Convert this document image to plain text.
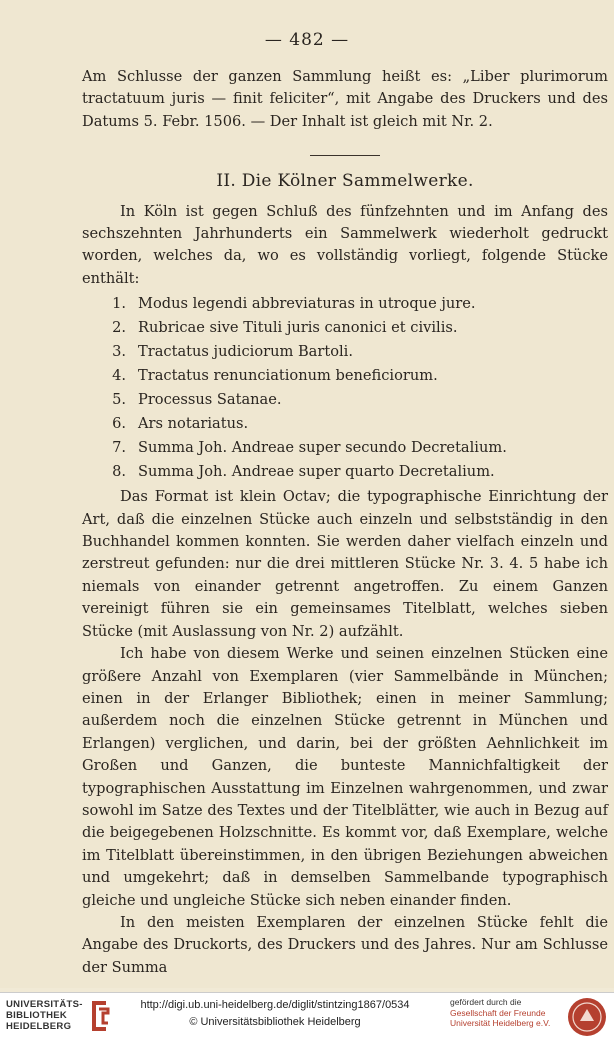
— 482 —

Am Schlusse der ganzen Sammlung heißt es: „Liber plurimorum tractatuum juris — finit feliciter“, mit Angabe des Druckers und des Datums 5. Febr. 1506. — Der Inhalt ist gleich mit Nr. 2.

II. Die Kölner Sammelwerke.

In Köln ist gegen Schluß des fünfzehnten und im Anfang des sechszehnten Jahrhunderts ein Sammelwerk wiederholt gedruckt worden, welches da, wo es vollständig vorliegt, folgende Stücke enthält:

1. Modus legendi abbreviaturas in utroque jure.
2. Rubricae sive Tituli juris canonici et civilis.
3. Tractatus judiciorum Bartoli.
4. Tractatus renunciationum beneficiorum.
5. Processus Satanae.
6. Ars notariatus.
7. Summa Joh. Andreae super secundo Decretalium.
8. Summa Joh. Andreae super quarto Decretalium.

Das Format ist klein Octav; die typographische Einrichtung der Art, daß die einzelnen Stücke auch einzeln und selbstständig in den Buchhandel kommen konnten. Sie werden daher vielfach einzeln und zerstreut gefunden: nur die drei mittleren Stücke Nr. 3. 4. 5 habe ich niemals von einander getrennt angetroffen. Zu einem Ganzen vereinigt führen sie ein gemeinsames Titelblatt, welches sieben Stücke (mit Auslassung von Nr. 2) aufzählt.

Ich habe von diesem Werke und seinen einzelnen Stücken eine größere Anzahl von Exemplaren (vier Sammelbände in München; einen in der Erlanger Bibliothek; einen in meiner Sammlung; außerdem noch die einzelnen Stücke getrennt in München und Erlangen) verglichen, und darin, bei der größten Aehnlichkeit im Großen und Ganzen, die bunteste Mannichfaltigkeit der typographischen Ausstattung im Einzelnen wahrgenommen, und zwar sowohl im Satze des Textes und der Titelblätter, wie auch in Bezug auf die beigegebenen Holzschnitte. Es kommt vor, daß Exemplare, welche im Titelblatt übereinstimmen, in den übrigen Beziehungen abweichen und umgekehrt; daß in demselben Sammelbande typographisch gleiche und ungleiche Stücke sich neben einander finden.

In den meisten Exemplaren der einzelnen Stücke fehlt die Angabe des Druckorts, des Druckers und des Jahres. Nur am Schlusse der Summa

UNIVERSITÄTS-
BIBLIOTHEK
HEIDELBERG
http://digi.ub.uni-heidelberg.de/diglit/stintzing1867/0534
© Universitätsbibliothek Heidelberg
gefördert durch die
Gesellschaft der Freunde
Universität Heidelberg e.V.
